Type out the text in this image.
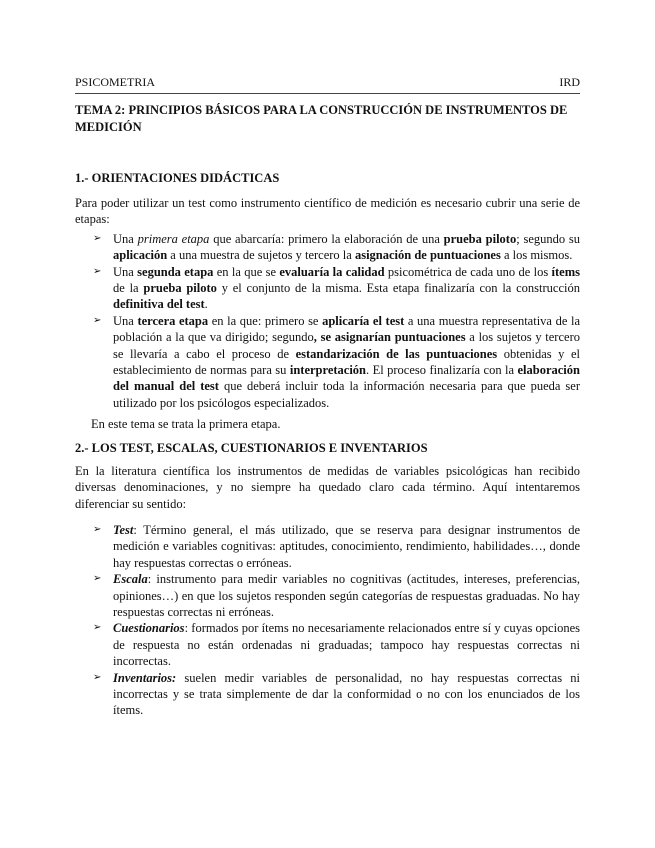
PSICOMETRIA	IRD
TEMA 2: PRINCIPIOS BÁSICOS PARA LA CONSTRUCCIÓN DE INSTRUMENTOS DE MEDICIÓN
1.- ORIENTACIONES DIDÁCTICAS

Para poder utilizar un test como instrumento científico de medición es necesario cubrir una serie de etapas:

➢ Una primera etapa que abarcaría: primero la elaboración de una prueba piloto; segundo su aplicación a una muestra de sujetos y tercero la asignación de puntuaciones a los mismos.
➢ Una segunda etapa en la que se evaluaría la calidad psicométrica de cada uno de los ítems de la prueba piloto y el conjunto de la misma. Esta etapa finalizaría con la construcción definitiva del test.
➢ Una tercera etapa en la que: primero se aplicaría el test a una muestra representativa de la población a la que va dirigido; segundo, se asignarían puntuaciones a los sujetos y tercero se llevaría a cabo el proceso de estandarización de las puntuaciones obtenidas y el establecimiento de normas para su interpretación. El proceso finalizaría con la elaboración del manual del test que deberá incluir toda la información necesaria para que pueda ser utilizado por los psicólogos especializados.

En este tema se trata la primera etapa.

2.- LOS TEST, ESCALAS, CUESTIONARIOS E INVENTARIOS

En la literatura científica los instrumentos de medidas de variables psicológicas han recibido diversas denominaciones, y no siempre ha quedado claro cada término. Aquí intentaremos diferenciar su sentido:

➢ Test: Término general, el más utilizado, que se reserva para designar instrumentos de medición e variables cognitivas: aptitudes, conocimiento, rendimiento, habilidades…, donde hay respuestas correctas o erróneas.
➢ Escala: instrumento para medir variables no cognitivas (actitudes, intereses, preferencias, opiniones…) en que los sujetos responden según categorías de respuestas graduadas. No hay respuestas correctas ni erróneas.
➢ Cuestionarios: formados por ítems no necesariamente relacionados entre sí y cuyas opciones de respuesta no están ordenadas ni graduadas; tampoco hay respuestas correctas ni incorrectas.
➢ Inventarios: suelen medir variables de personalidad, no hay respuestas correctas ni incorrectas y se trata simplemente de dar la conformidad o no con los enunciados de los ítems.
